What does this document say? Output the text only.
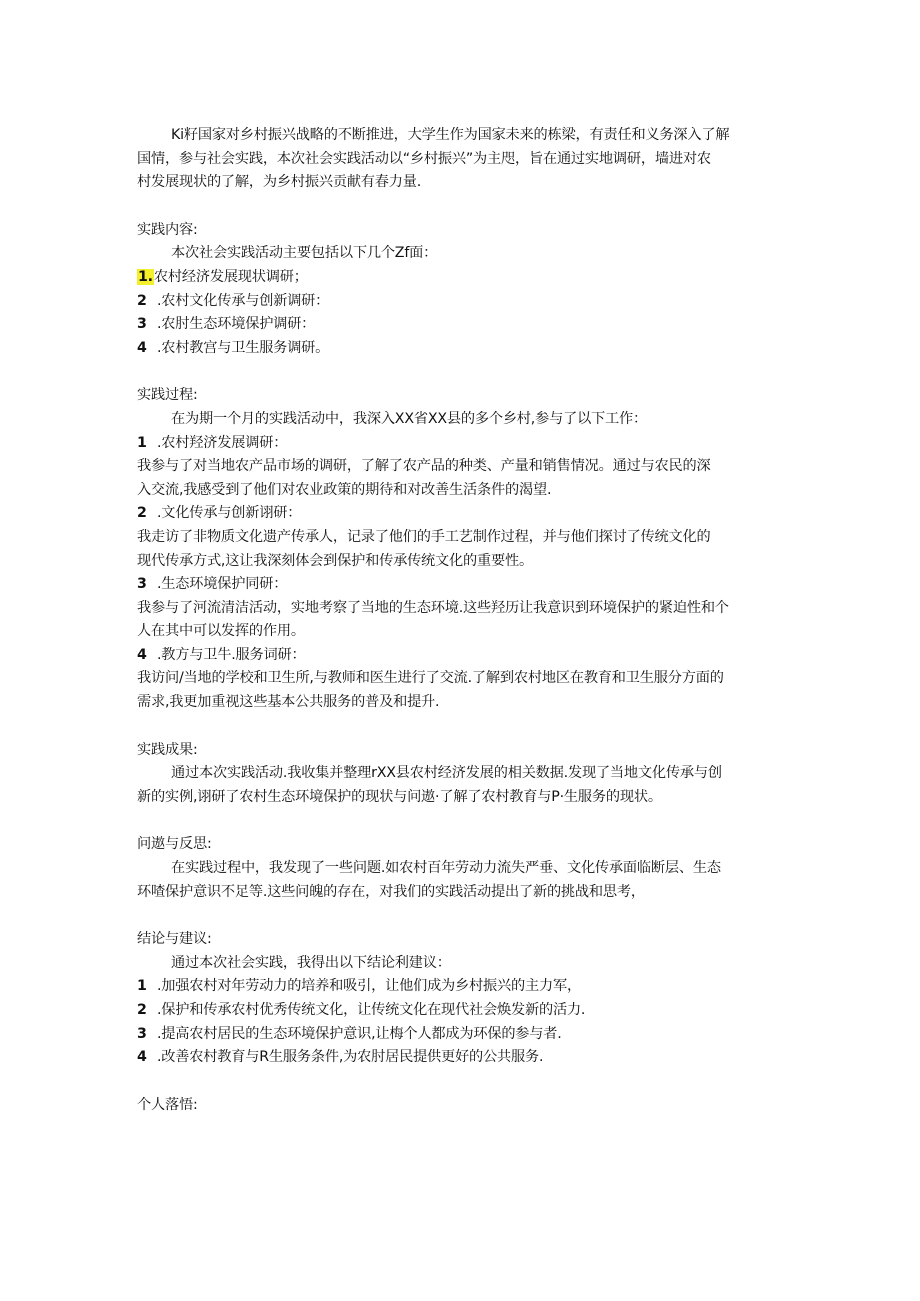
Ki籽国家对乡村振兴战略的不断推进，大学生作为国家未来的栋梁，有责任和义务深入了解

国情，参与社会实践，本次社会实践活动以“乡村振兴”为主咫，旨在通过实地调研，墙进对农

村发展现状的了解，为乡村振兴贡献有春力量.

实践内容:

本次社会实践活动主要包括以下几个Zf面：

1.农村经济发展现状调研；

2 .农村文化传承与创新调研：

3 .农肘生态环境保护调研：

4 .农村教宫与卫生服务调研。

实践过程:

在为期一个月的实践活动中，我深入XX省XX县的多个乡村,参与了以下工作：

1 .农村羟济发展调研：

我参与了对当地农产品市场的调研，了解了农产品的种类、产量和销售情况。通过与农民的深

入交流,我感受到了他们对农业政策的期待和对改善生活条件的渴望.

2 .文化传承与创新诩研：

我走访了非物质文化遗产传承人，记录了他们的手工艺制作过程，并与他们探讨了传统文化的

现代传承方式,这让我深刻体会到保护和传承传统文化的重要性。

3 .生态环境保护同研：

我参与了河流清洁活动，实地考察了当地的生态环境.这些羟历让我意识到环境保护的紧迫性和个

人在其中可以发挥的作用。

4 .教方与卫牛.服务词研：

我访问/当地的学校和卫生所,与教师和医生进行了交流.了解到农村地区在教育和卫生服分方面的

需求,我更加重视这些基本公共服务的普及和提升.

实践成果:

通过本次实践活动.我收集并整理rXX县农村经济发展的相关数据.发现了当地文化传承与创

新的实例,诩研了农村生态环境保护的现状与问遨·了解了农村教育与P·生服务的现状。

问遨与反思:

在实践过程中，我发现了一些问题.如农村百年劳动力流失严垂、文化传承面临断层、生态

环喳保护意识不足等.这些问魄的存在，对我们的实践活动提出了新的挑战和思考，

结论与建议:

通过本次社会实践，我得出以下结论利建议：

1 .加强农村对年劳动力的培养和吸引，让他们成为乡村振兴的主力军，

2 .保护和传承农村优秀传统文化，让传统文化在现代社会焕发新的活力.

3 .提高农村居民的生态环境保护意识,让梅个人都成为环保的参与者.

4 .改善农村教育与R生服务条件,为农肘居民提供更好的公共服务.

个人落悟:
